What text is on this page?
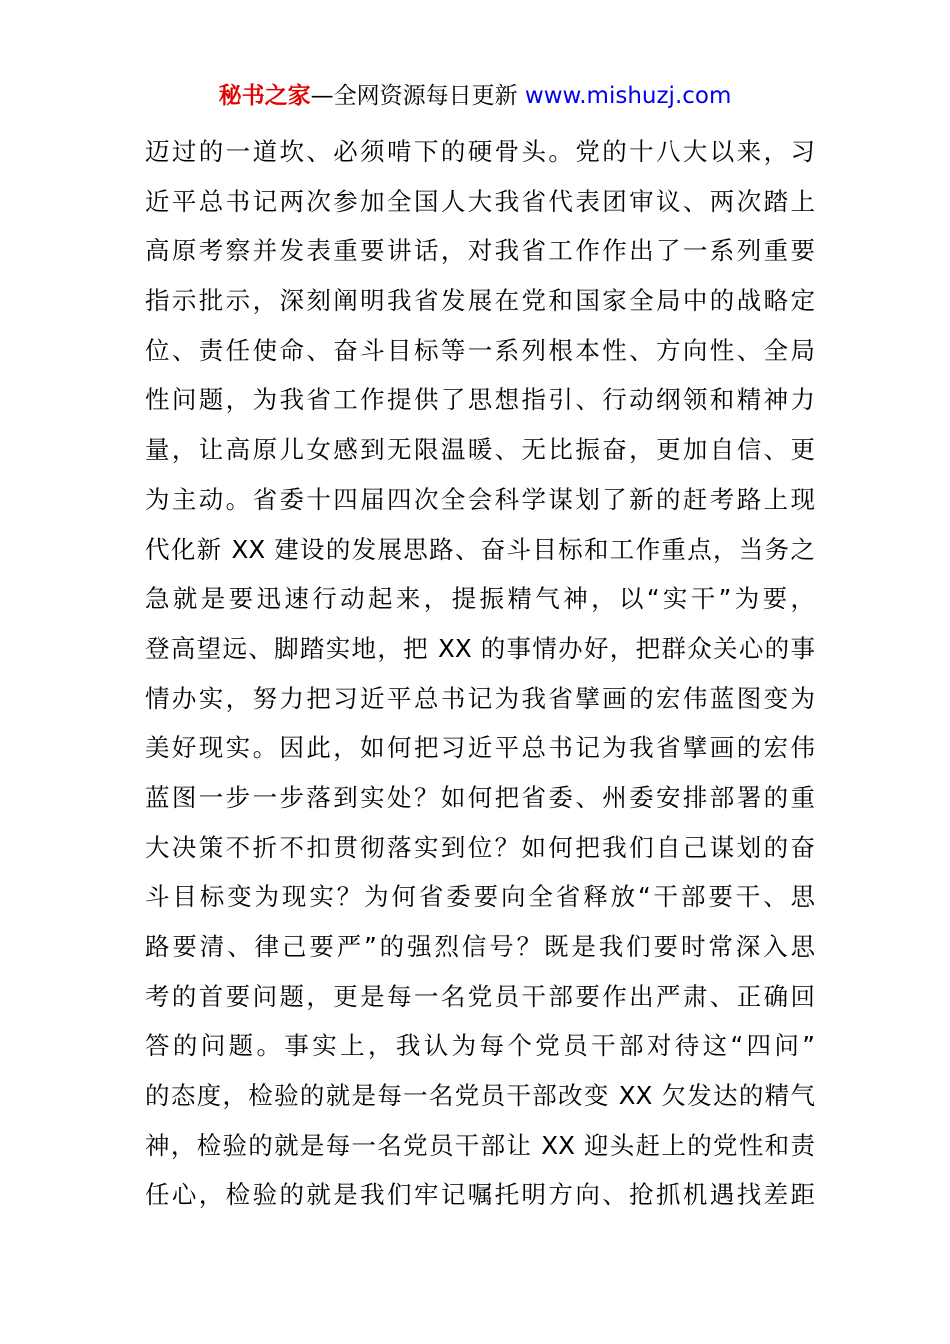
秘书之家—全网资源每日更新 www.mishuzj.com
迈过的一道坎、必须啃下的硬骨头。党的十八大以来，习
近平总书记两次参加全国人大我省代表团审议、两次踏上
高原考察并发表重要讲话，对我省工作作出了一系列重要
指示批示，深刻阐明我省发展在党和国家全局中的战略定
位、责任使命、奋斗目标等一系列根本性、方向性、全局
性问题，为我省工作提供了思想指引、行动纲领和精神力
量，让高原儿女感到无限温暖、无比振奋，更加自信、更
为主动。省委十四届四次全会科学谋划了新的赶考路上现
代化新 XX 建设的发展思路、奋斗目标和工作重点，当务之
急就是要迅速行动起来，提振精气神，以“实干”为要，
登高望远、脚踏实地，把 XX 的事情办好，把群众关心的事
情办实，努力把习近平总书记为我省擘画的宏伟蓝图变为
美好现实。因此，如何把习近平总书记为我省擘画的宏伟
蓝图一步一步落到实处？如何把省委、州委安排部署的重
大决策不折不扣贯彻落实到位？如何把我们自己谋划的奋
斗目标变为现实？为何省委要向全省释放“干部要干、思
路要清、律己要严”的强烈信号？既是我们要时常深入思
考的首要问题，更是每一名党员干部要作出严肃、正确回
答的问题。事实上，我认为每个党员干部对待这“四问”
的态度，检验的就是每一名党员干部改变 XX 欠发达的精气
神，检验的就是每一名党员干部让 XX 迎头赶上的党性和责
任心，检验的就是我们牢记嘱托明方向、抢抓机遇找差距
